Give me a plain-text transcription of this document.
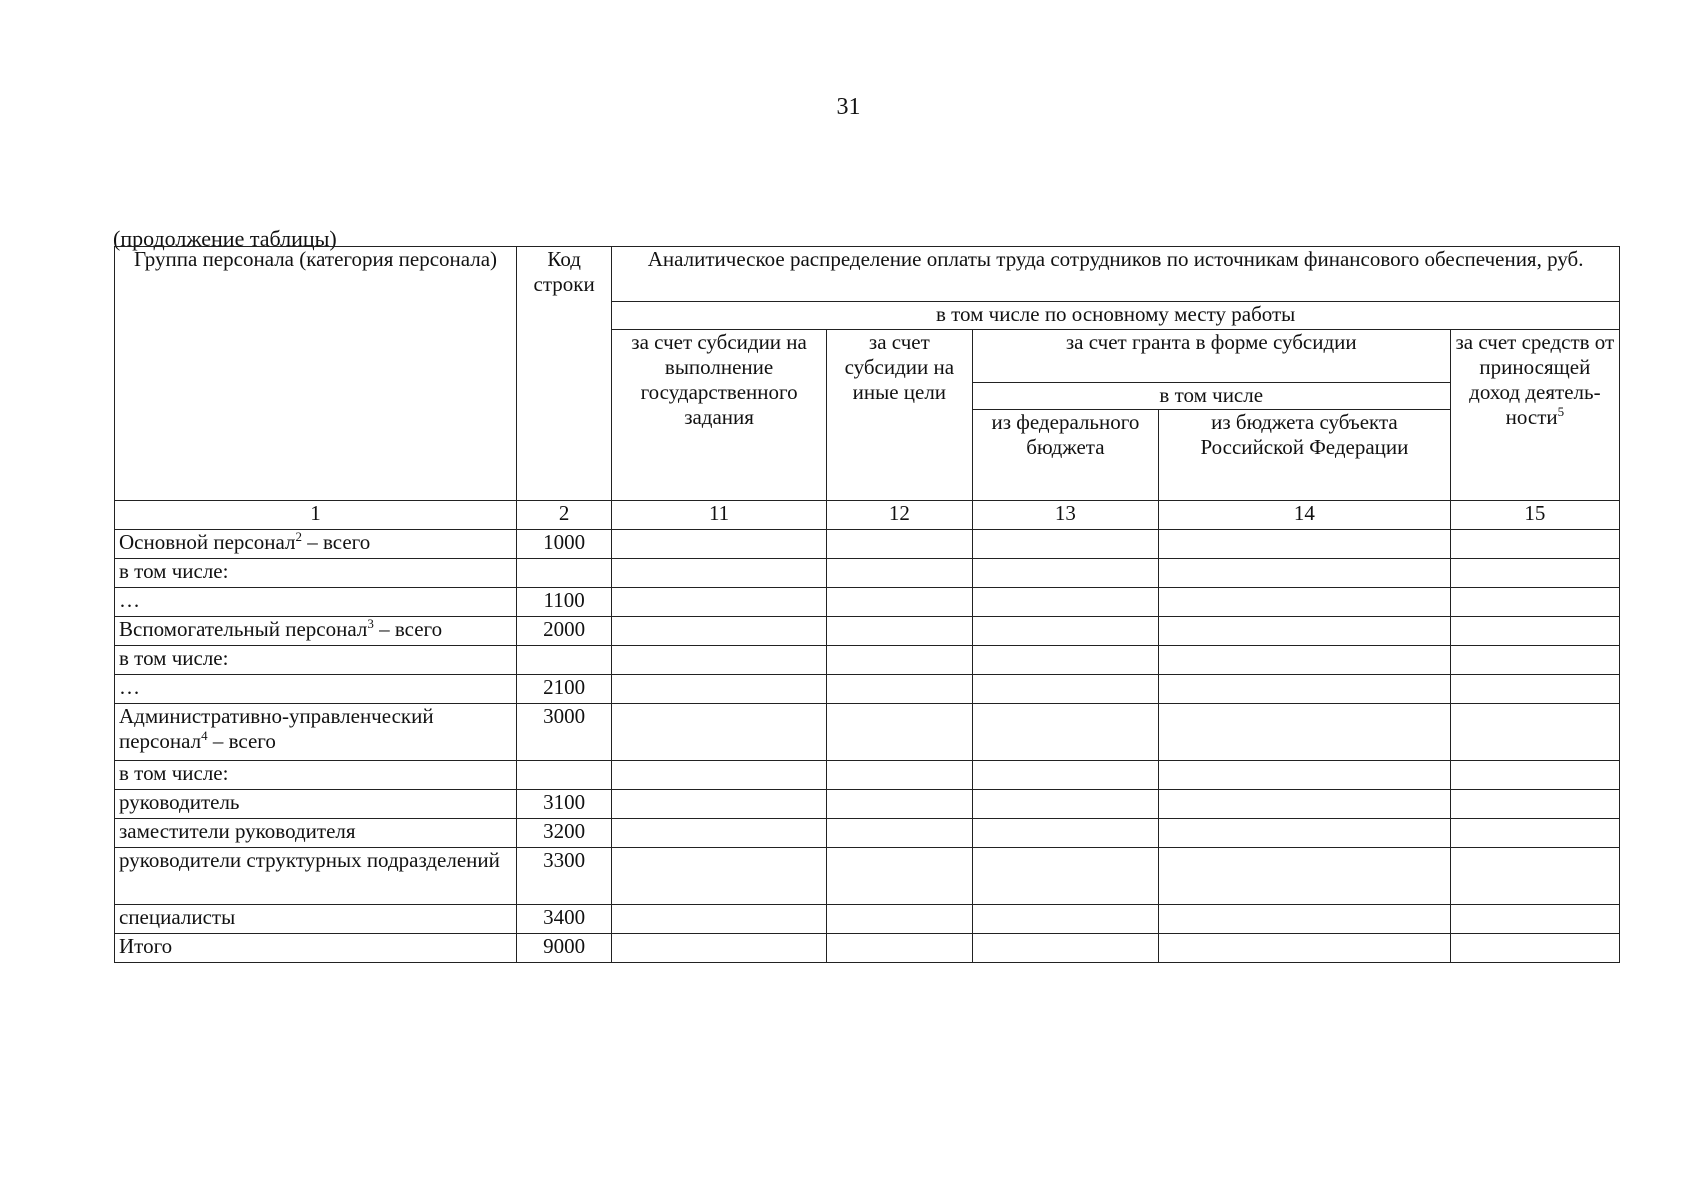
31
(продолжение таблицы)
Группа персонала (категория персонала)	Код строки	Аналитическое распределение оплаты труда сотрудников по источникам финансового обеспечения, руб.				
		в том числе по основному месту работы				
		за счет субсидии на выполнение государственного задания	за счет субсидии на иные цели	за счет гранта в форме субсидии		за счет средств от приносящей доход деятель-ности$^5$
				в том числе		
				из федерального бюджета	из бюджета субъекта Российской Федерации	
1	2	11	12	13	14	15
Основной персонал$^2$ – всего	1000					
в том числе:						
…	1100					
Вспомогательный персонал$^3$ – всего	2000					
в том числе:						
…	2100					
Административно-управленческий персонал$^4$ – всего	3000					
в том числе:						
руководитель	3100					
заместители руководителя	3200					
руководители структурных подразделений	3300					
специалисты	3400					
Итого	9000					
